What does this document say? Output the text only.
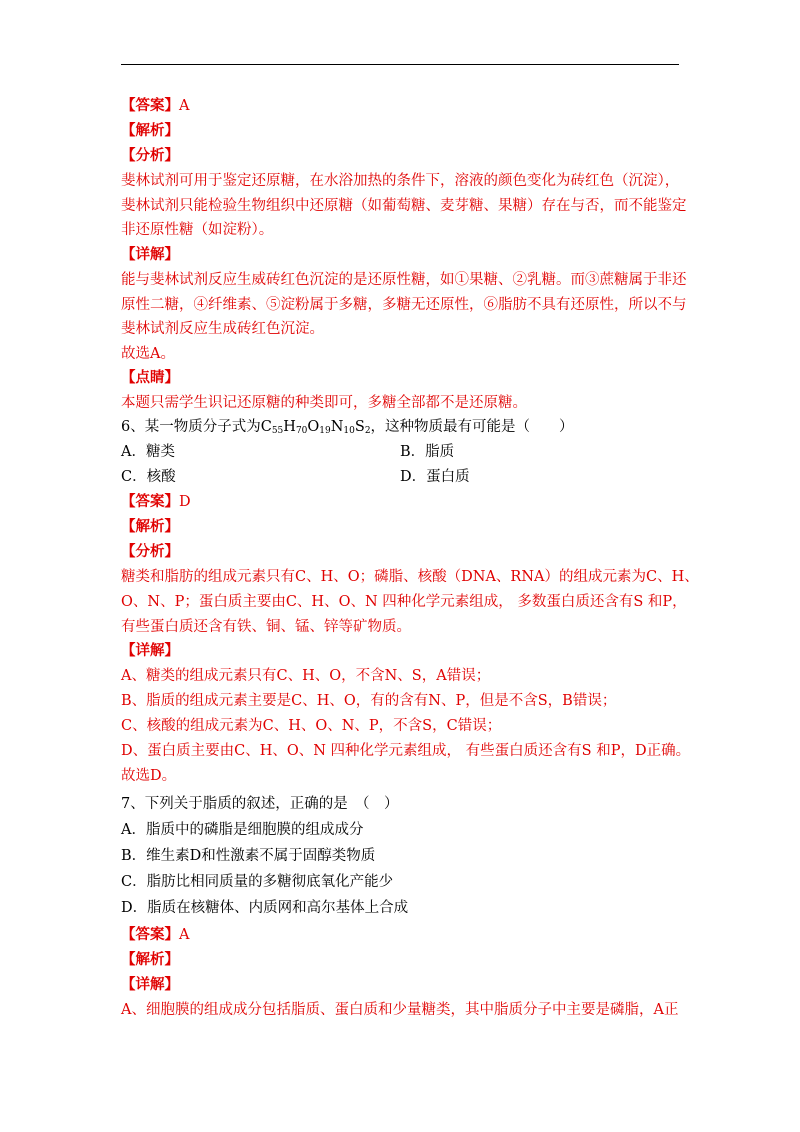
【答案】A
【解析】
【分析】
斐林试剂可用于鉴定还原糖，在水浴加热的条件下，溶液的颜色变化为砖红色（沉淀），
斐林试剂只能检验生物组织中还原糖（如葡萄糖、麦芽糖、果糖）存在与否，而不能鉴定
非还原性糖（如淀粉）。
【详解】
能与斐林试剂反应生威砖红色沉淀的是还原性糖，如①果糖、②乳糖。而③蔗糖属于非还
原性二糖，④纤维素、⑤淀粉属于多糖，多糖无还原性，⑥脂肪不具有还原性，所以不与
斐林试剂反应生成砖红色沉淀。
故选A。
【点睛】
本题只需学生识记还原糖的种类即可，多糖全部都不是还原糖。
6、某一物质分子式为$C_{55}H_{70}O_{19}N_{10}S_2$，这种物质最有可能是（　　）
A．糖类	B．脂质
C．核酸	D．蛋白质
【答案】D
【解析】
【分析】
糖类和脂肪的组成元素只有C、H、O；磷脂、核酸（DNA、RNA）的组成元素为C、H、
O、N、P；蛋白质主要由C、H、O、N 四种化学元素组成， 多数蛋白质还含有S 和P，
有些蛋白质还含有铁、铜、锰、锌等矿物质。
【详解】
A、糖类的组成元素只有C、H、O，不含N、S，A错误；
B、脂质的组成元素主要是C、H、O，有的含有N、P，但是不含S，B错误；
C、核酸的组成元素为C、H、O、N、P，不含S，C错误；
D、蛋白质主要由C、H、O、N 四种化学元素组成， 有些蛋白质还含有S 和P，D正确。
故选D。
7、下列关于脂质的叙述，正确的是　（　）
A．脂质中的磷脂是细胞膜的组成成分
B．维生素D和性激素不属于固醇类物质
C．脂肪比相同质量的多糖彻底氧化产能少
D．脂质在核糖体、内质网和高尔基体上合成
【答案】A
【解析】
【详解】
A、细胞膜的组成成分包括脂质、蛋白质和少量糖类，其中脂质分子中主要是磷脂，A正
